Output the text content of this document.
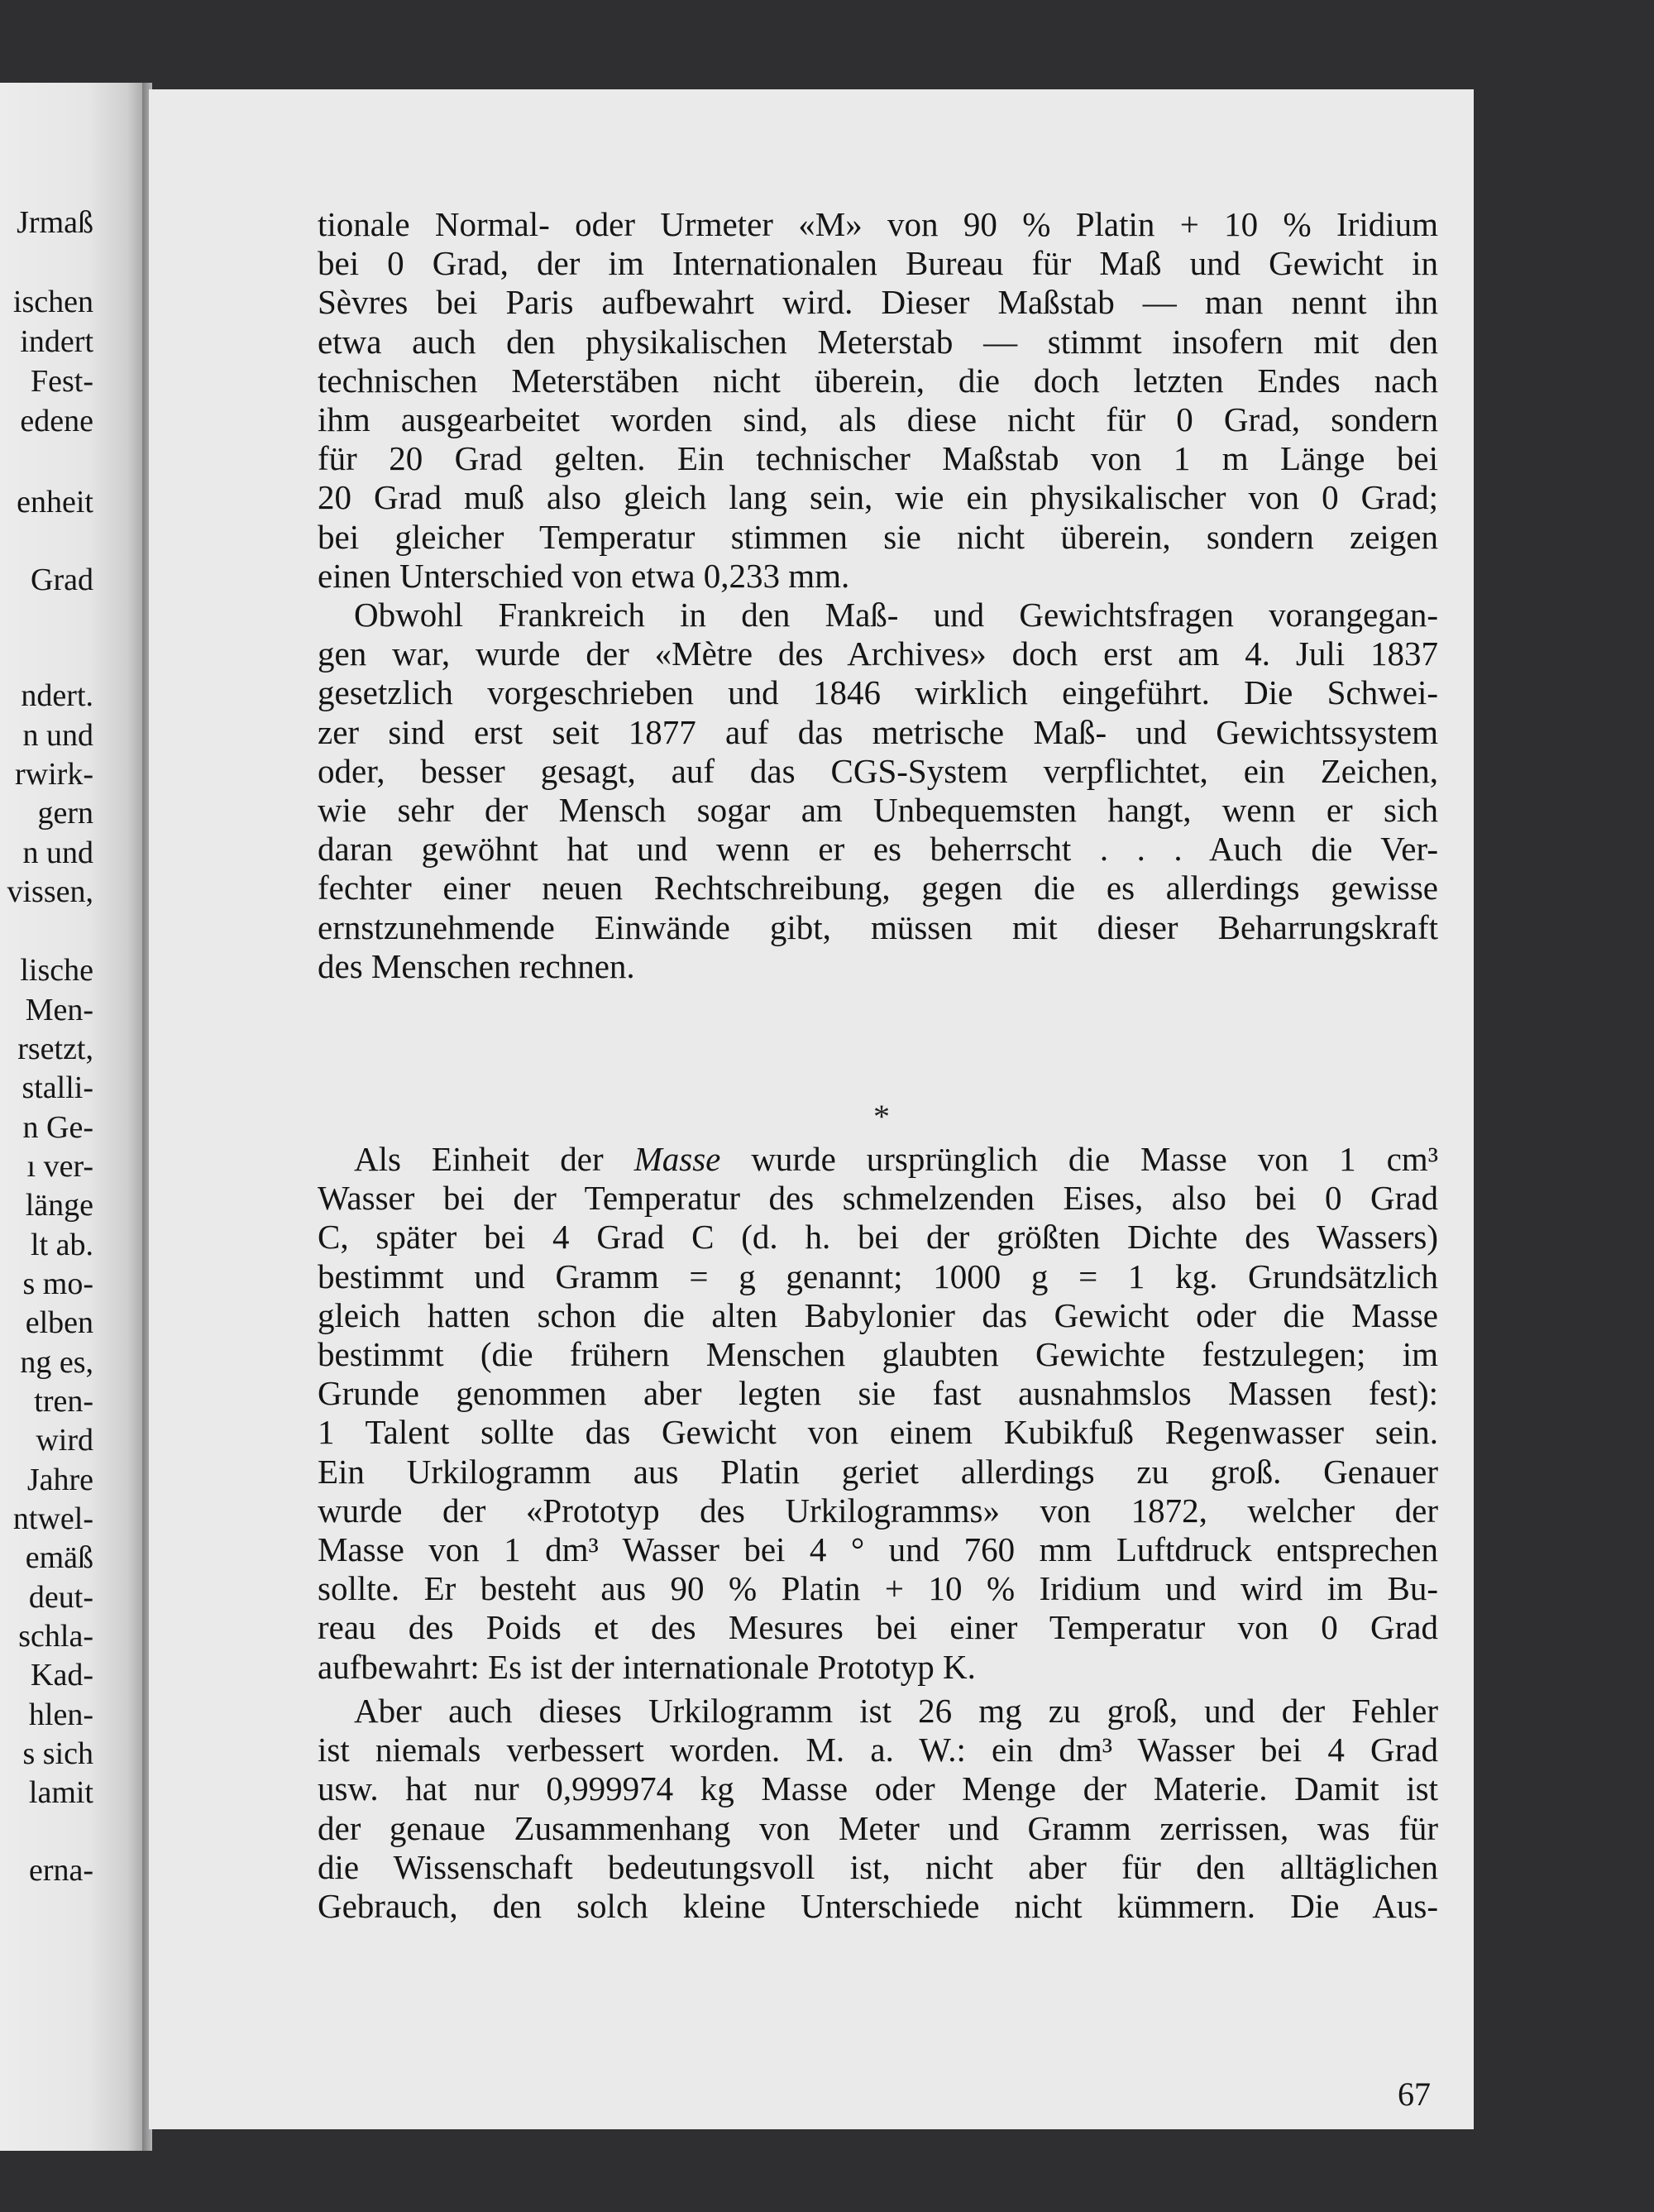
Jrmaß
ischen
indert
Fest-
edene
enheit
Grad
ndert.
n und
rwirk-
gern
n und
vissen,
lische
Men-
rsetzt,
stalli-
n Ge-
ı ver-
länge
lt ab.
s mo-
elben
ng es,
tren-
wird
Jahre
ntwel-
emäß
deut-
schla-
Kad-
hlen-
s sich
lamit
erna-
tionale Normal- oder Urmeter «M» von 90 % Platin + 10 % Iridium
bei 0 Grad, der im Internationalen Bureau für Maß und Gewicht in
Sèvres bei Paris aufbewahrt wird. Dieser Maßstab — man nennt ihn
etwa auch den physikalischen Meterstab — stimmt insofern mit den
technischen Meterstäben nicht überein, die doch letzten Endes nach
ihm ausgearbeitet worden sind, als diese nicht für 0 Grad, sondern
für 20 Grad gelten. Ein technischer Maßstab von 1 m Länge bei
20 Grad muß also gleich lang sein, wie ein physikalischer von 0 Grad;
bei gleicher Temperatur stimmen sie nicht überein, sondern zeigen
einen Unterschied von etwa 0,233 mm.
Obwohl Frankreich in den Maß- und Gewichtsfragen vorangegan-
gen war, wurde der «Mètre des Archives» doch erst am 4. Juli 1837
gesetzlich vorgeschrieben und 1846 wirklich eingeführt. Die Schwei-
zer sind erst seit 1877 auf das metrische Maß- und Gewichtssystem
oder, besser gesagt, auf das CGS-System verpflichtet, ein Zeichen,
wie sehr der Mensch sogar am Unbequemsten hangt, wenn er sich
daran gewöhnt hat und wenn er es beherrscht . . . Auch die Ver-
fechter einer neuen Rechtschreibung, gegen die es allerdings gewisse
ernstzunehmende Einwände gibt, müssen mit dieser Beharrungskraft
des Menschen rechnen.
*
Als Einheit der Masse wurde ursprünglich die Masse von 1 cm³
Wasser bei der Temperatur des schmelzenden Eises, also bei 0 Grad
C, später bei 4 Grad C (d. h. bei der größten Dichte des Wassers)
bestimmt und Gramm = g genannt; 1000 g = 1 kg. Grundsätzlich
gleich hatten schon die alten Babylonier das Gewicht oder die Masse
bestimmt (die frühern Menschen glaubten Gewichte festzulegen; im
Grunde genommen aber legten sie fast ausnahmslos Massen fest):
1 Talent sollte das Gewicht von einem Kubikfuß Regenwasser sein.
Ein Urkilogramm aus Platin geriet allerdings zu groß. Genauer
wurde der «Prototyp des Urkilogramms» von 1872, welcher der
Masse von 1 dm³ Wasser bei 4 ° und 760 mm Luftdruck entsprechen
sollte. Er besteht aus 90 % Platin + 10 % Iridium und wird im Bu-
reau des Poids et des Mesures bei einer Temperatur von 0 Grad
aufbewahrt: Es ist der internationale Prototyp K.
Aber auch dieses Urkilogramm ist 26 mg zu groß, und der Fehler
ist niemals verbessert worden. M. a. W.: ein dm³ Wasser bei 4 Grad
usw. hat nur 0,999974 kg Masse oder Menge der Materie. Damit ist
der genaue Zusammenhang von Meter und Gramm zerrissen, was für
die Wissenschaft bedeutungsvoll ist, nicht aber für den alltäglichen
Gebrauch, den solch kleine Unterschiede nicht kümmern. Die Aus-
67
